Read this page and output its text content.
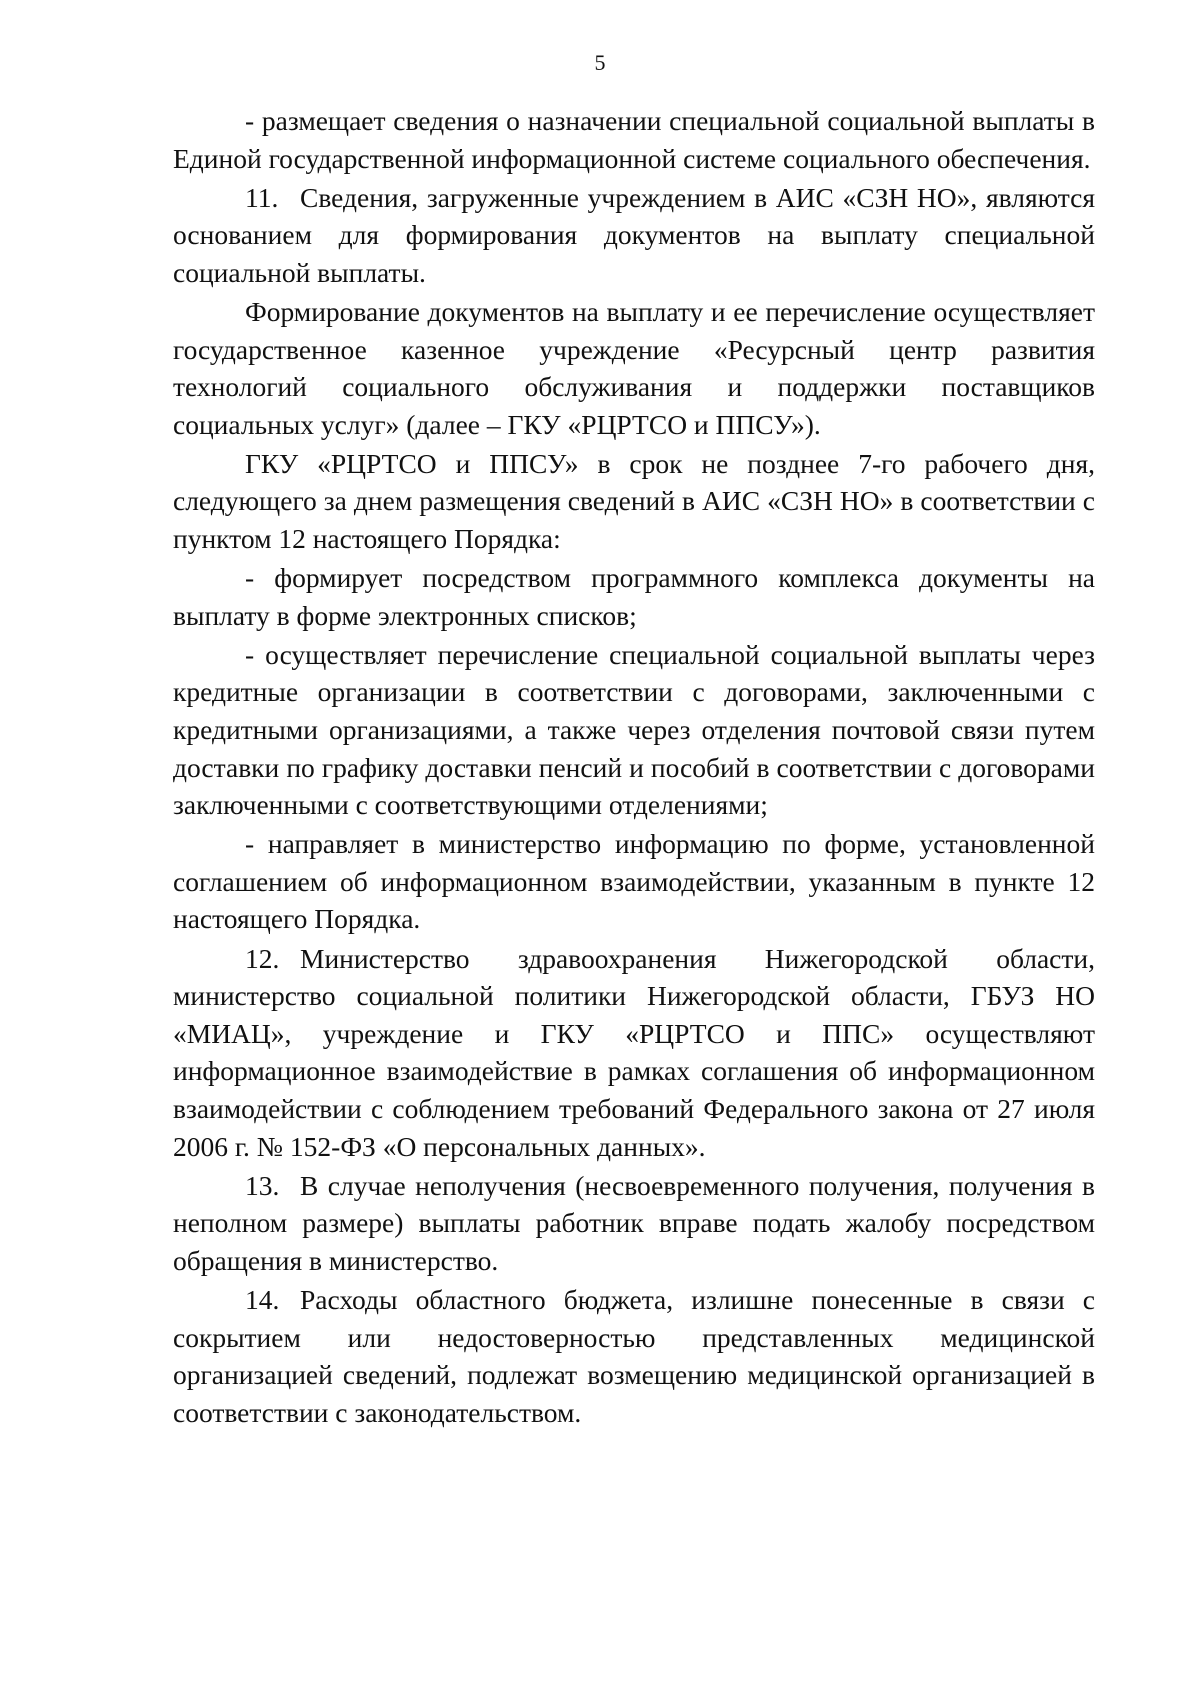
5

- размещает сведения о назначении специальной социальной выплаты в Единой государственной информационной системе социального обеспечения.

11. Сведения, загруженные учреждением в АИС «СЗН НО», являются основанием для формирования документов на выплату специальной социальной выплаты.

Формирование документов на выплату и ее перечисление осуществляет государственное казенное учреждение «Ресурсный центр развития технологий социального обслуживания и поддержки поставщиков социальных услуг» (далее – ГКУ «РЦРТСО и ППСУ»).

ГКУ «РЦРТСО и ППСУ» в срок не позднее 7-го рабочего дня, следующего за днем размещения сведений в АИС «СЗН НО» в соответствии с пунктом 12 настоящего Порядка:

- формирует посредством программного комплекса документы на выплату в форме электронных списков;

- осуществляет перечисление специальной социальной выплаты через кредитные организации в соответствии с договорами, заключенными с кредитными организациями, а также через отделения почтовой связи путем доставки по графику доставки пенсий и пособий в соответствии с договорами заключенными с соответствующими отделениями;

- направляет в министерство информацию по форме, установленной соглашением об информационном взаимодействии, указанным в пункте 12 настоящего Порядка.

12. Министерство здравоохранения Нижегородской области, министерство социальной политики Нижегородской области, ГБУЗ НО «МИАЦ», учреждение и ГКУ «РЦРТСО и ППС» осуществляют информационное взаимодействие в рамках соглашения об информационном взаимодействии с соблюдением требований Федерального закона от 27 июля 2006 г. № 152-ФЗ «О персональных данных».

13. В случае неполучения (несвоевременного получения, получения в неполном размере) выплаты работник вправе подать жалобу посредством обращения в министерство.

14. Расходы областного бюджета, излишне понесенные в связи с сокрытием или недостоверностью представленных медицинской организацией сведений, подлежат возмещению медицинской организацией в соответствии с законодательством.
